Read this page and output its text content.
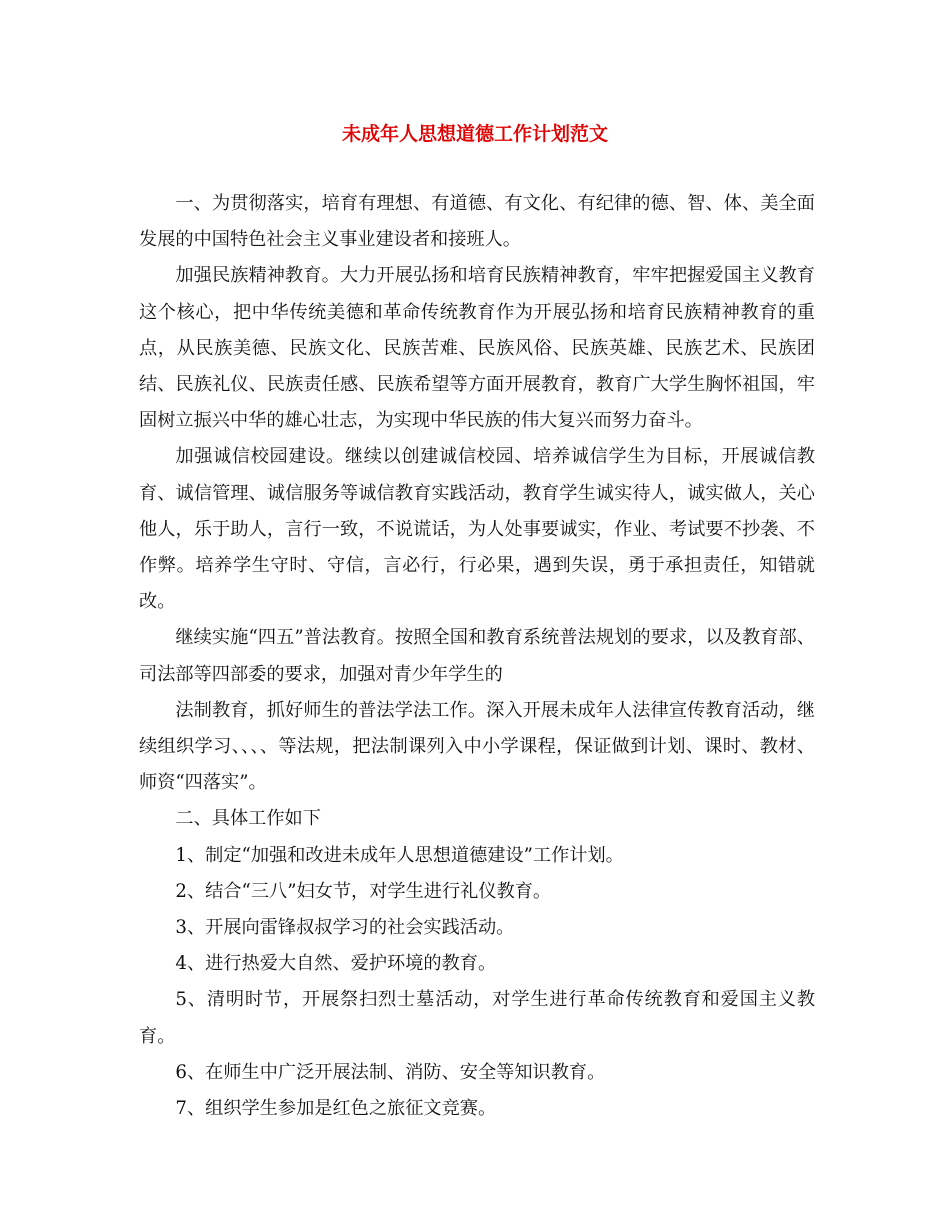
未成年人思想道德工作计划范文

一、为贯彻落实，培育有理想、有道德、有文化、有纪律的德、智、体、美全面发展的中国特色社会主义事业建设者和接班人。

加强民族精神教育。大力开展弘扬和培育民族精神教育，牢牢把握爱国主义教育这个核心，把中华传统美德和革命传统教育作为开展弘扬和培育民族精神教育的重点，从民族美德、民族文化、民族苦难、民族风俗、民族英雄、民族艺术、民族团结、民族礼仪、民族责任感、民族希望等方面开展教育，教育广大学生胸怀祖国，牢固树立振兴中华的雄心壮志，为实现中华民族的伟大复兴而努力奋斗。

加强诚信校园建设。继续以创建诚信校园、培养诚信学生为目标，开展诚信教育、诚信管理、诚信服务等诚信教育实践活动，教育学生诚实待人，诚实做人，关心他人，乐于助人，言行一致，不说谎话，为人处事要诚实，作业、考试要不抄袭、不作弊。培养学生守时、守信，言必行，行必果，遇到失误，勇于承担责任，知错就改。

继续实施“四五”普法教育。按照全国和教育系统普法规划的要求，以及教育部、司法部等四部委的要求，加强对青少年学生的

法制教育，抓好师生的普法学法工作。深入开展未成年人法律宣传教育活动，继续组织学习、、、、等法规，把法制课列入中小学课程，保证做到计划、课时、教材、师资“四落实”。

二、具体工作如下

1、制定“加强和改进未成年人思想道德建设”工作计划。

2、结合“三八”妇女节，对学生进行礼仪教育。

3、开展向雷锋叔叔学习的社会实践活动。

4、进行热爱大自然、爱护环境的教育。

5、清明时节，开展祭扫烈士墓活动，对学生进行革命传统教育和爱国主义教育。

6、在师生中广泛开展法制、消防、安全等知识教育。

7、组织学生参加是红色之旅征文竞赛。
